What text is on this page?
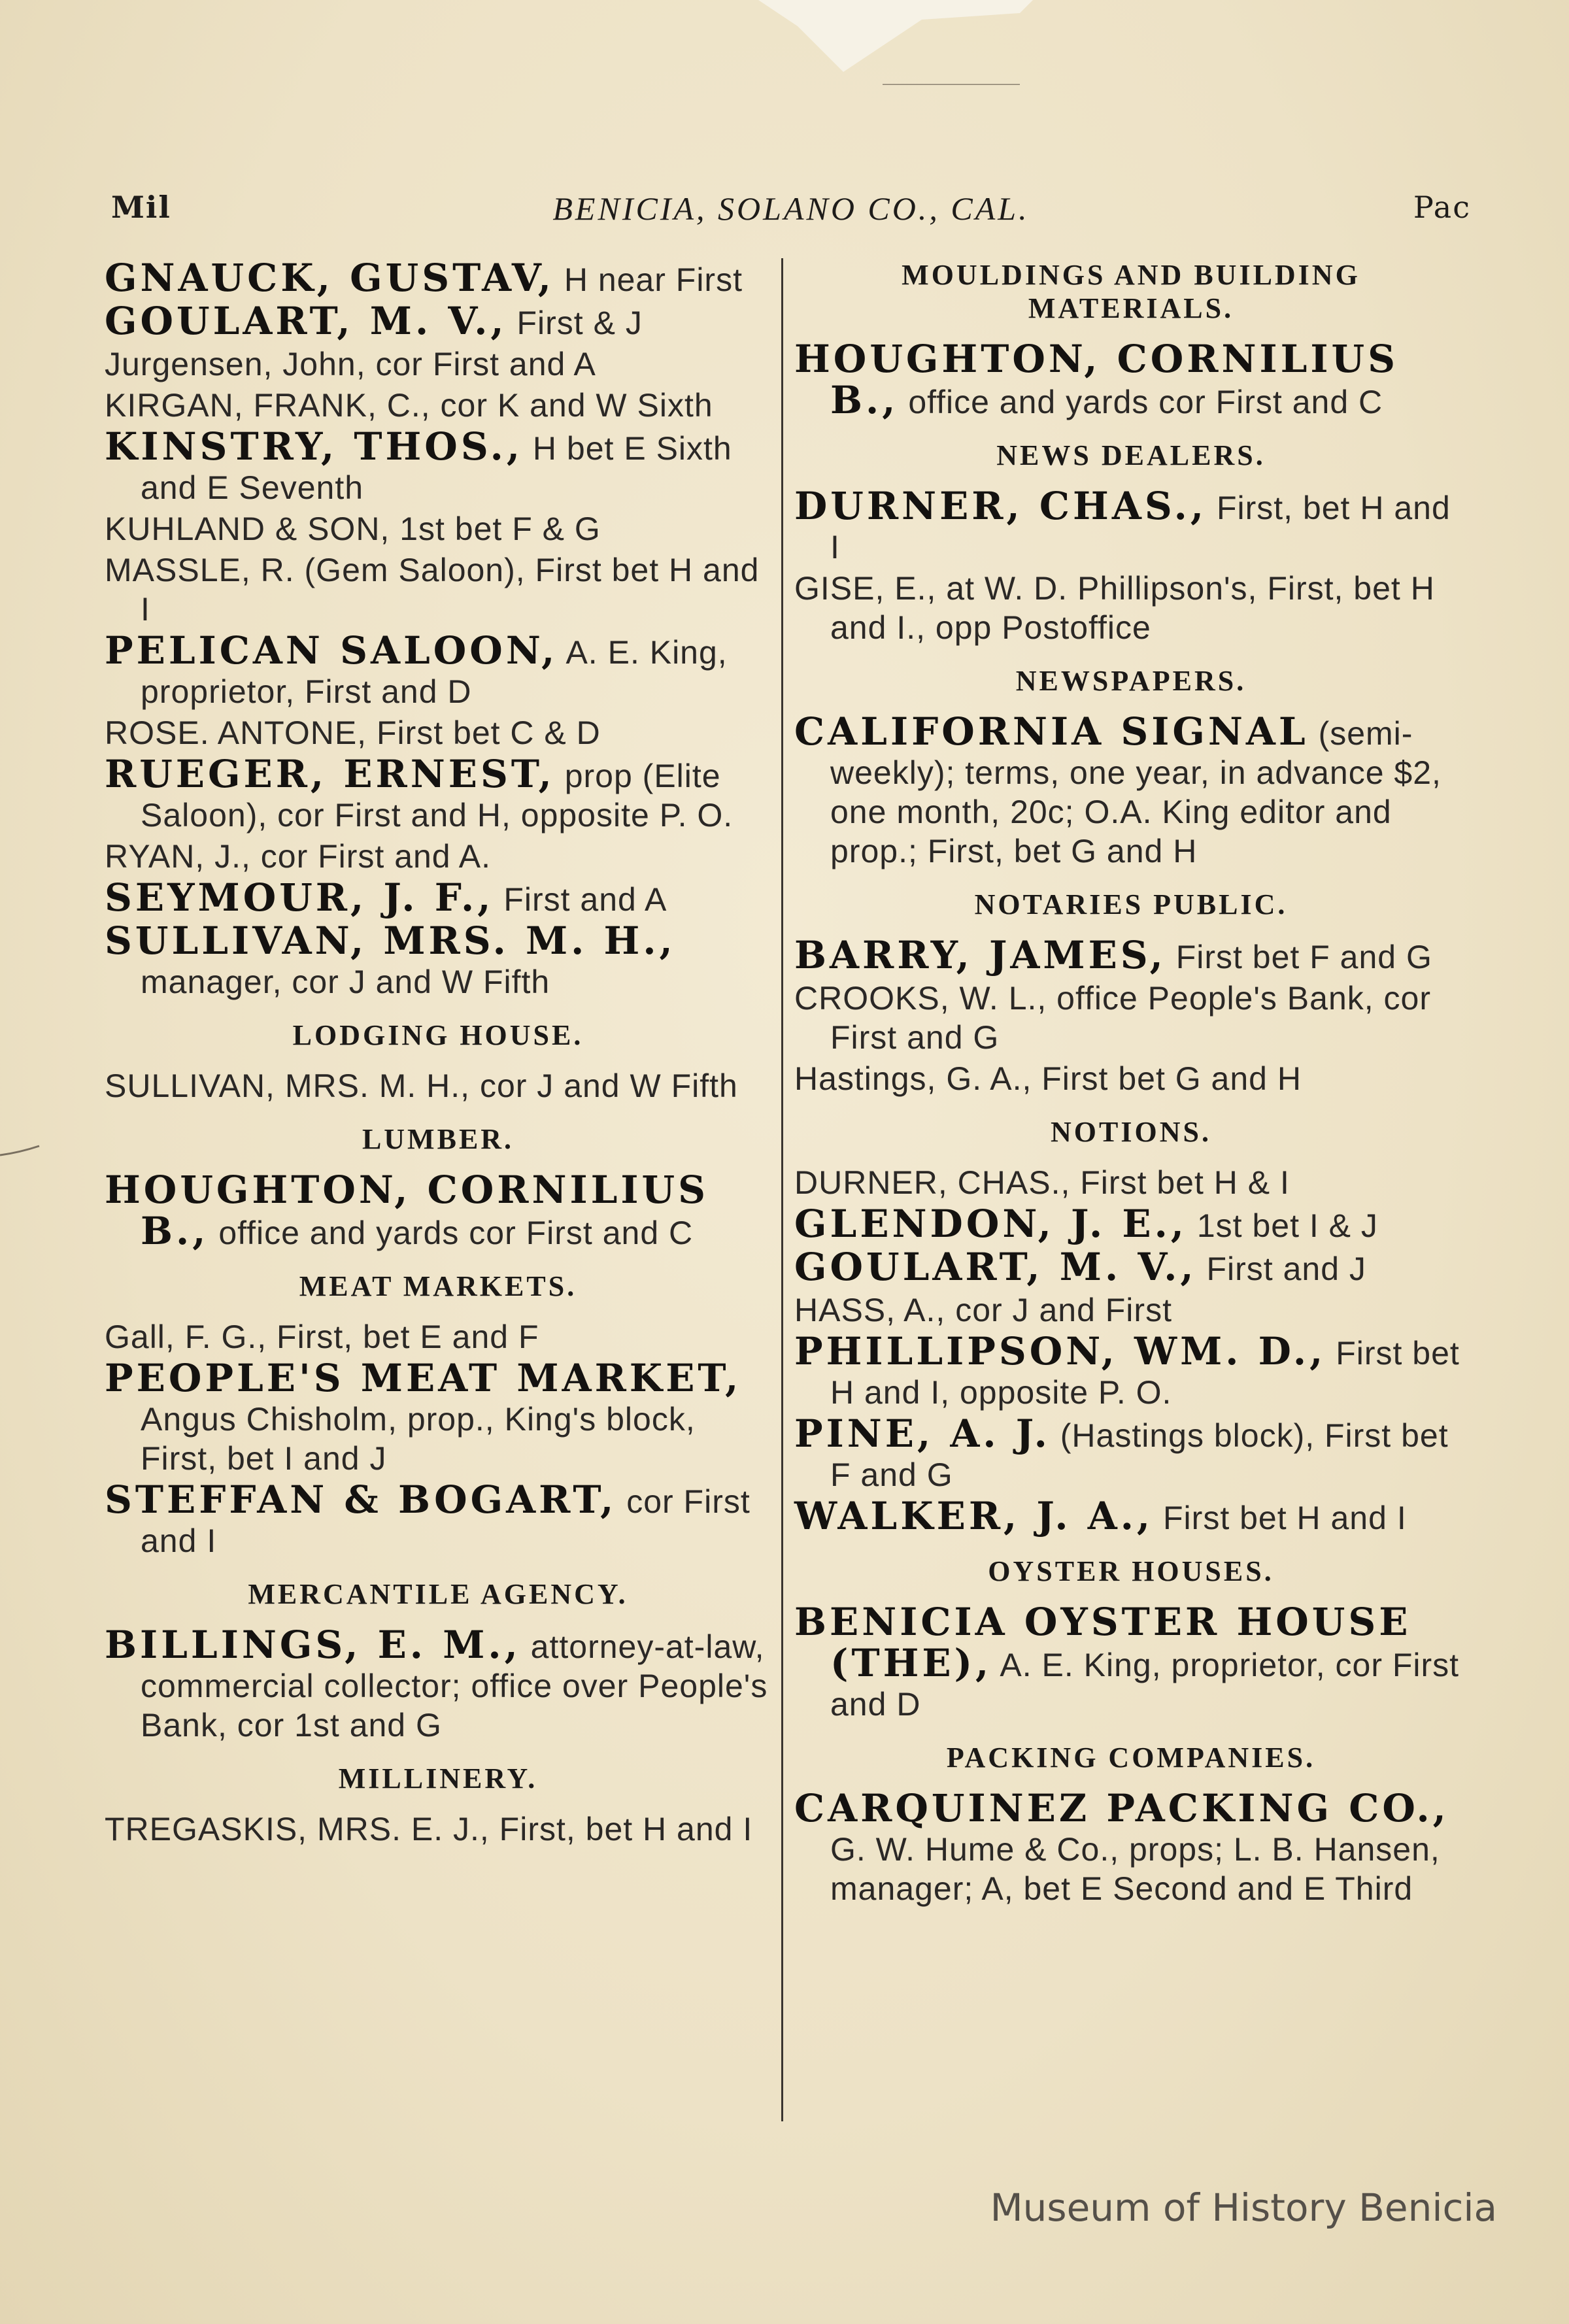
BENICIA, SOLANO CO., CAL.
Mil	Pac
GNAUCK, GUSTAV, H near First
GOULART, M. V., First & J
Jurgensen, John, cor First and A
KIRGAN, FRANK, C., cor K and W Sixth
KINSTRY, THOS., H bet E Sixth and E Seventh
KUHLAND & SON, 1st bet F & G
MASSLE, R. (Gem Saloon), First bet H and I
PELICAN SALOON, A. E. King, proprietor, First and D
ROSE. ANTONE, First bet C & D
RUEGER, ERNEST, prop (Elite Saloon), cor First and H, opposite P. O.
RYAN, J., cor First and A.
SEYMOUR, J. F., First and A
SULLIVAN, MRS. M. H., manager, cor J and W Fifth
LODGING HOUSE.
SULLIVAN, MRS. M. H., cor J and W Fifth
LUMBER.
HOUGHTON, CORNILIUS B., office and yards cor First and C
MEAT MARKETS.
Gall, F. G., First, bet E and F
PEOPLE'S MEAT MARKET, Angus Chisholm, prop., King's block, First, bet I and J
STEFFAN & BOGART, cor First and I
MERCANTILE AGENCY.
BILLINGS, E. M., attorney-at-law, commercial collector; office over People's Bank, cor 1st and G
MILLINERY.
TREGASKIS, MRS. E. J., First, bet H and I
MOULDINGS AND BUILDING MATERIALS.
HOUGHTON, CORNILIUS B., office and yards cor First and C
NEWS DEALERS.
DURNER, CHAS., First, bet H and I
GISE, E., at W. D. Phillipson's, First, bet H and I., opp Postoffice
NEWSPAPERS.
CALIFORNIA SIGNAL (semi-weekly); terms, one year, in advance $2, one month, 20c; O.A. King editor and prop.; First, bet G and H
NOTARIES PUBLIC.
BARRY, JAMES, First bet F and G
CROOKS, W. L., office People's Bank, cor First and G
Hastings, G. A., First bet G and H
NOTIONS.
DURNER, CHAS., First bet H & I
GLENDON, J. E., 1st bet I & J
GOULART, M. V., First and J
HASS, A., cor J and First
PHILLIPSON, WM. D., First bet H and I, opposite P. O.
PINE, A. J. (Hastings block), First bet F and G
WALKER, J. A., First bet H and I
OYSTER HOUSES.
BENICIA OYSTER HOUSE (THE), A. E. King, proprietor, cor First and D
PACKING COMPANIES.
CARQUINEZ PACKING CO., G. W. Hume & Co., props; L. B. Hansen, manager; A, bet E Second and E Third
Museum of History Benicia
